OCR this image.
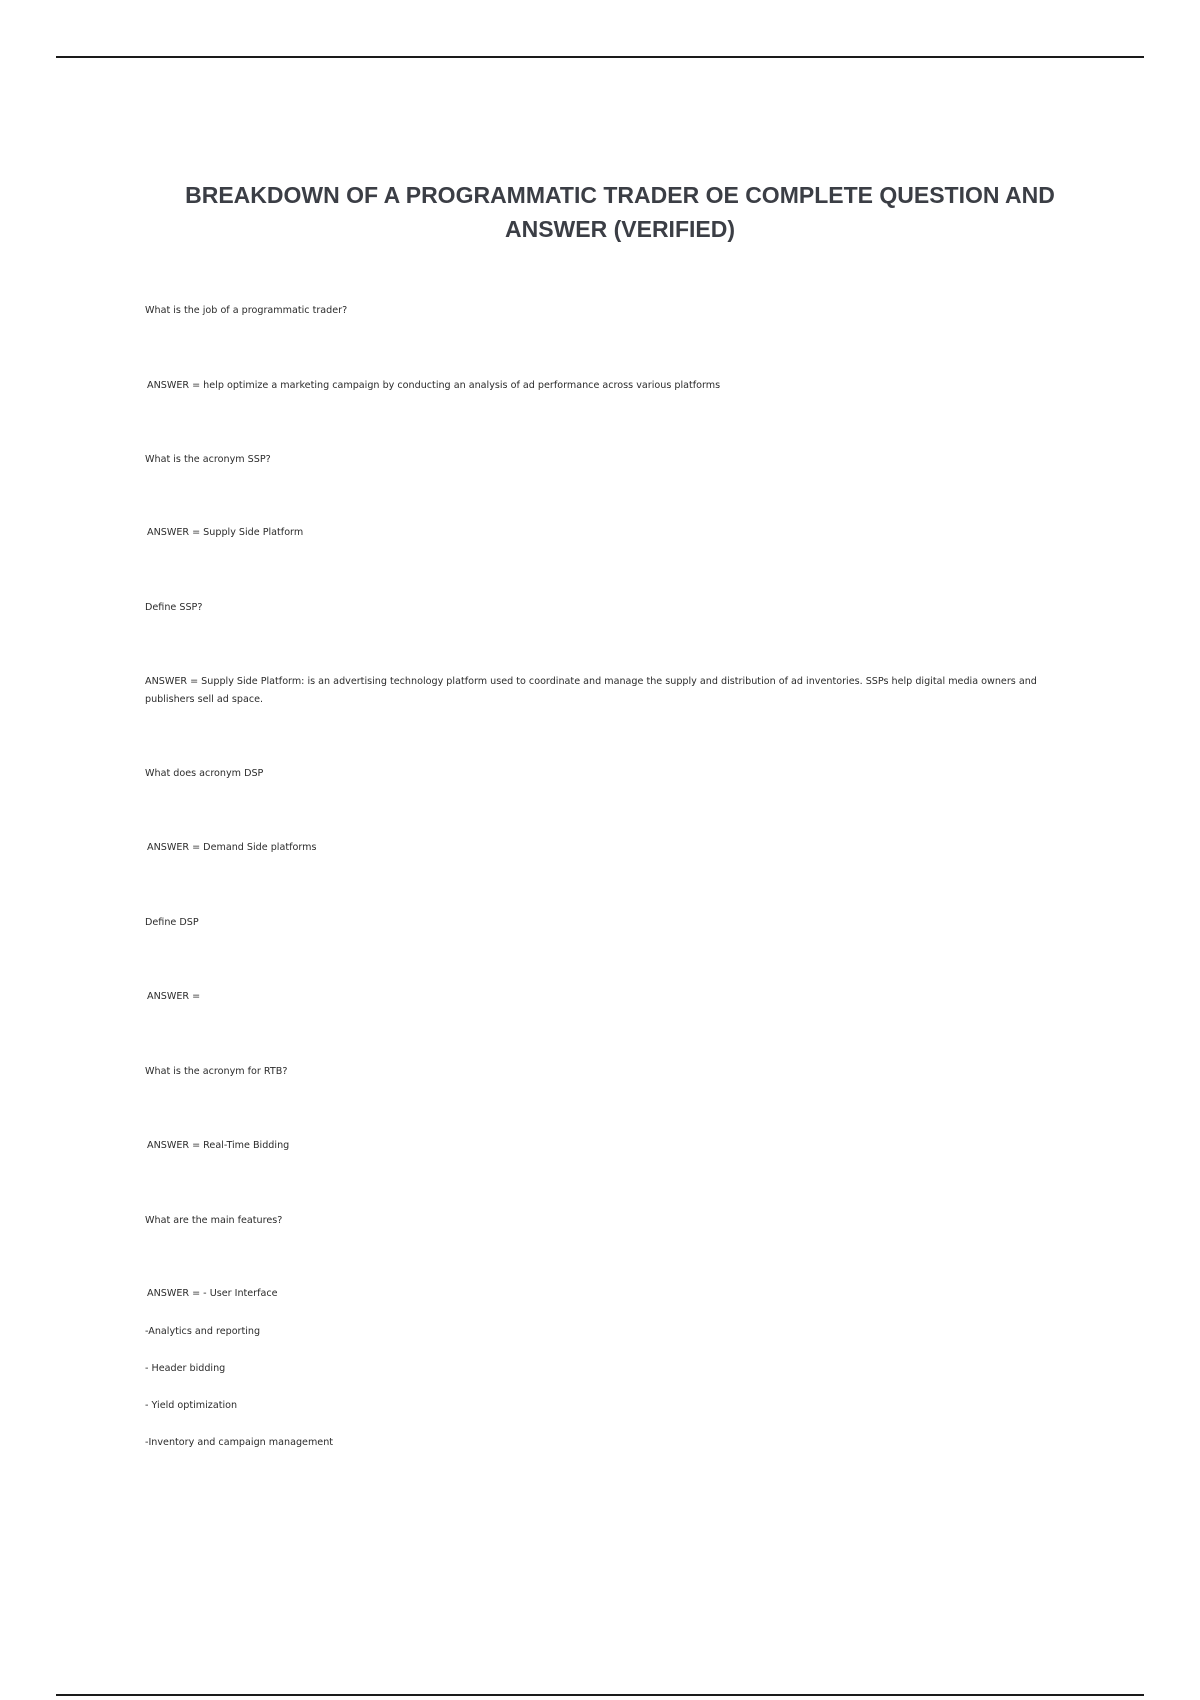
BREAKDOWN OF A PROGRAMMATIC TRADER OE COMPLETE QUESTION AND ANSWER (VERIFIED)

What is the job of a programmatic trader?

ANSWER = help optimize a marketing campaign by conducting an analysis of ad performance across various platforms

What is the acronym SSP?

ANSWER = Supply Side Platform

Define SSP?

ANSWER = Supply Side Platform: is an advertising technology platform used to coordinate and manage the supply and distribution of ad inventories. SSPs help digital media owners and publishers sell ad space.

What does acronym DSP

ANSWER = Demand Side platforms

Define DSP

ANSWER =

What is the acronym for RTB?

ANSWER = Real-Time Bidding

What are the main features?

ANSWER = - User Interface

-Analytics and reporting

- Header bidding

- Yield optimization

-Inventory and campaign management
